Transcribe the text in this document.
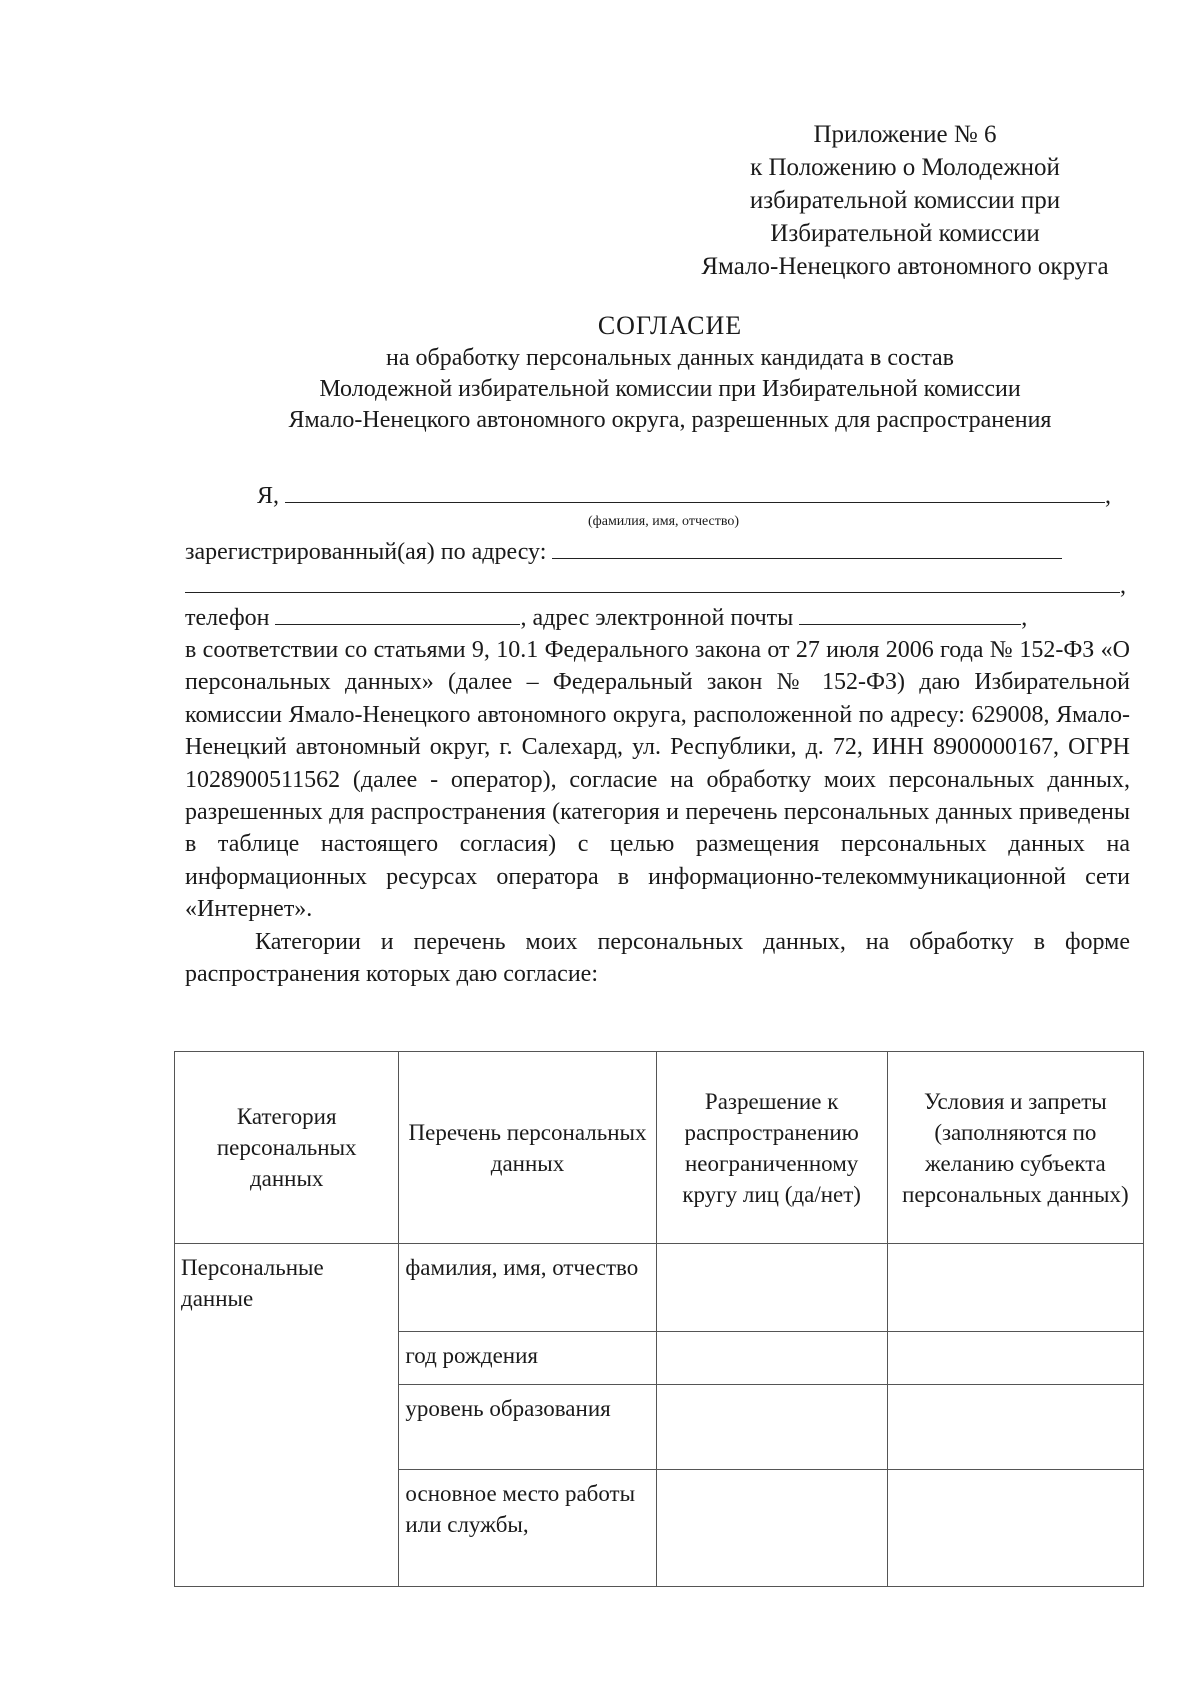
Приложение № 6
к Положению о Молодежной
избирательной комиссии при
Избирательной комиссии
Ямало-Ненецкого автономного округа
СОГЛАСИЕ
на обработку персональных данных кандидата в состав
Молодежной избирательной комиссии при Избирательной комиссии
Ямало-Ненецкого автономного округа, разрешенных для распространения
Я,	,
(фамилия, имя, отчество)
зарегистрированный(ая) по адресу:
,
телефон	, адрес электронной почты	,

в соответствии со статьями 9, 10.1 Федерального закона от 27 июля 2006 года № 152-ФЗ «О персональных данных» (далее – Федеральный закон № 152-ФЗ) даю Избирательной комиссии Ямало-Ненецкого автономного округа, расположенной по адресу: 629008, Ямало-Ненецкий автономный округ, г. Салехард, ул. Республики, д. 72, ИНН 8900000167, ОГРН 1028900511562 (далее - оператор), согласие на обработку моих персональных данных, разрешенных для распространения (категория и перечень персональных данных приведены в таблице настоящего согласия) с целью размещения персональных данных на информационных ресурсах оператора в информационно-телекоммуникационной сети «Интернет».

Категории и перечень моих персональных данных, на обработку в форме распространения которых даю согласие:

Категория персональных данных	Перечень персональных данных	Разрешение к распространению неограниченному кругу лиц (да/нет)	Условия и запреты (заполняются по желанию субъекта персональных данных)
Персональные данные	фамилия, имя, отчество		
	год рождения		
	уровень образования		
	основное место работы или службы,		
